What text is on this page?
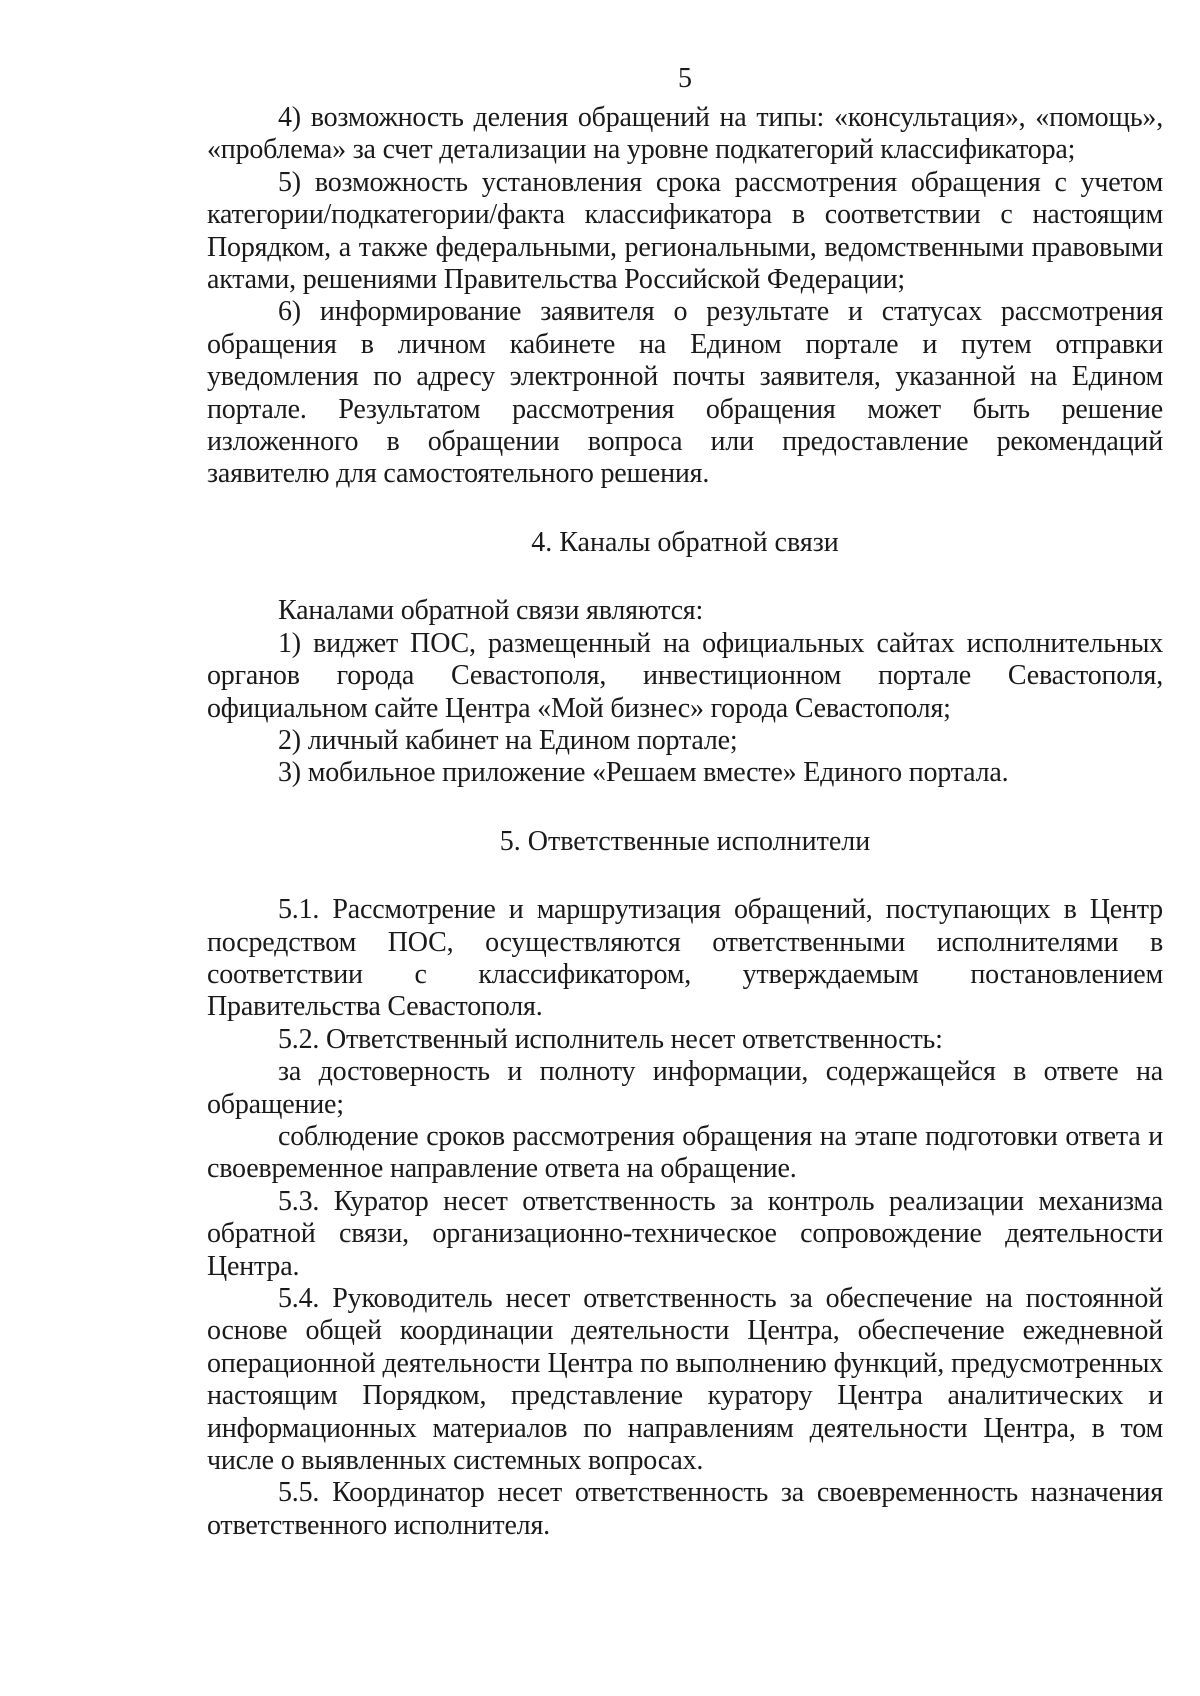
5

4) возможность деления обращений на типы: «консультация», «помощь», «проблема» за счет детализации на уровне подкатегорий классификатора;

5) возможность установления срока рассмотрения обращения с учетом категории/подкатегории/факта классификатора в соответствии с настоящим Порядком, а также федеральными, региональными, ведомственными правовыми актами, решениями Правительства Российской Федерации;

6) информирование заявителя о результате и статусах рассмотрения обращения в личном кабинете на Едином портале и путем отправки уведомления по адресу электронной почты заявителя, указанной на Едином портале. Результатом рассмотрения обращения может быть решение изложенного в обращении вопроса или предоставление рекомендаций заявителю для самостоятельного решения.

4. Каналы обратной связи

Каналами обратной связи являются:

1) виджет ПОС, размещенный на официальных сайтах исполнительных органов города Севастополя, инвестиционном портале Севастополя, официальном сайте Центра «Мой бизнес» города Севастополя;

2) личный кабинет на Едином портале;

3) мобильное приложение «Решаем вместе» Единого портала.

5. Ответственные исполнители

5.1. Рассмотрение и маршрутизация обращений, поступающих в Центр посредством ПОС, осуществляются ответственными исполнителями в соответствии с классификатором, утверждаемым постановлением Правительства Севастополя.

5.2. Ответственный исполнитель несет ответственность:

за достоверность и полноту информации, содержащейся в ответе на обращение;

соблюдение сроков рассмотрения обращения на этапе подготовки ответа и своевременное направление ответа на обращение.

5.3. Куратор несет ответственность за контроль реализации механизма обратной связи, организационно-техническое сопровождение деятельности Центра.

5.4. Руководитель несет ответственность за обеспечение на постоянной основе общей координации деятельности Центра, обеспечение ежедневной операционной деятельности Центра по выполнению функций, предусмотренных настоящим Порядком, представление куратору Центра аналитических и информационных материалов по направлениям деятельности Центра, в том числе о выявленных системных вопросах.

5.5. Координатор несет ответственность за своевременность назначения ответственного исполнителя.
